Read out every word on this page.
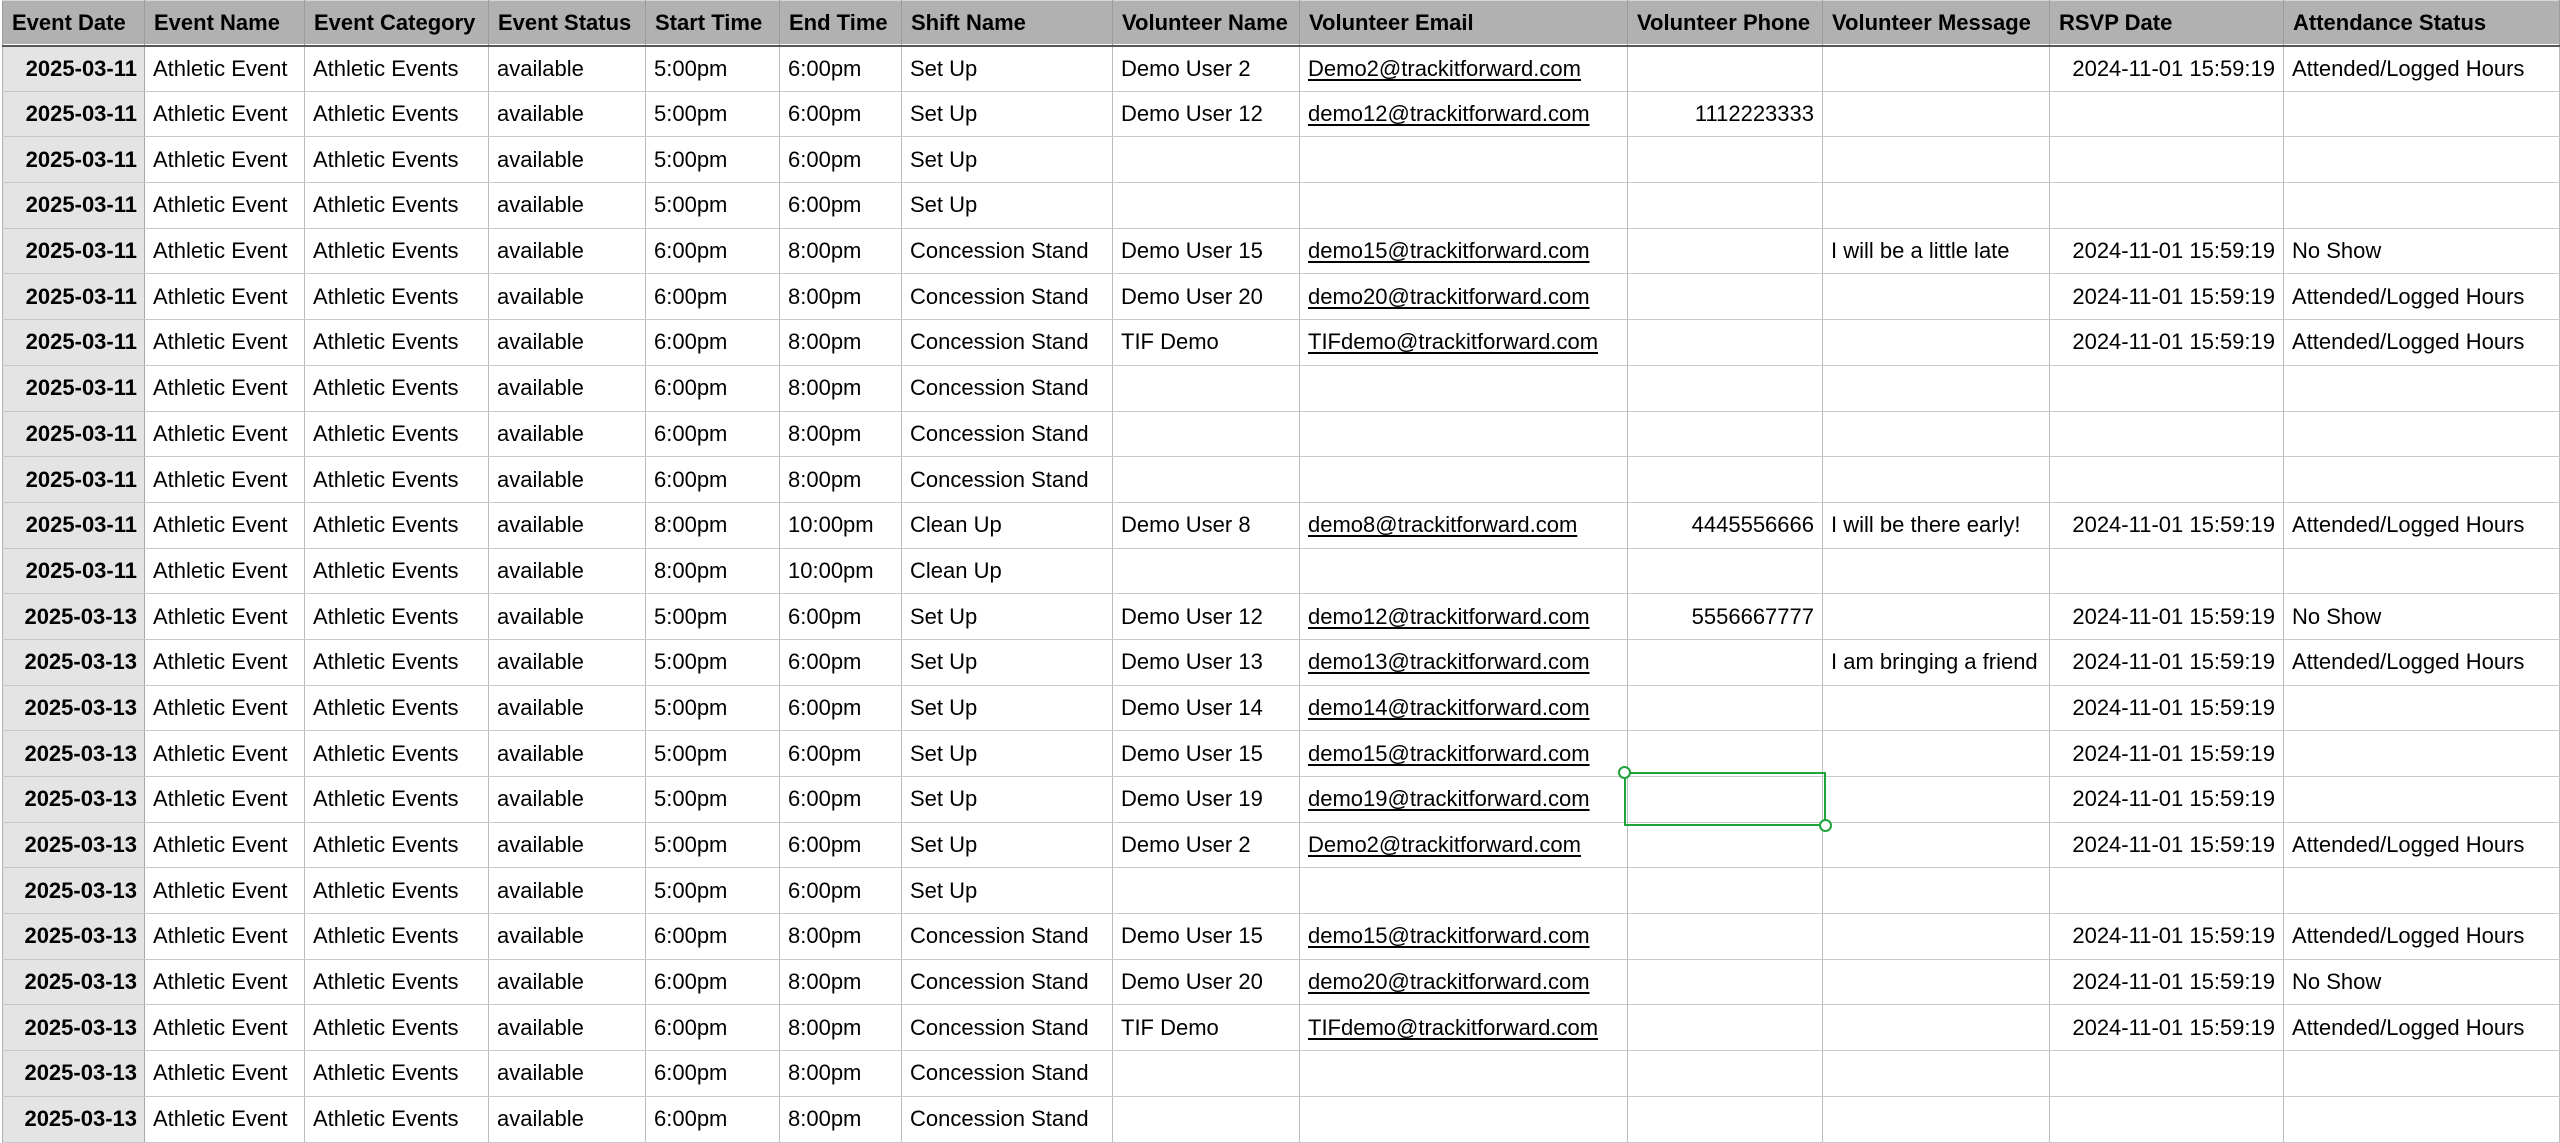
Event Date	Event Name	Event Category	Event Status	Start Time	End Time	Shift Name	Volunteer Name	Volunteer Email	Volunteer Phone	Volunteer Message	RSVP Date	Attendance Status
2025-03-11	Athletic Event	Athletic Events	available	5:00pm	6:00pm	Set Up	Demo User 2	Demo2@trackitforward.com			2024-11-01 15:59:19	Attended/Logged Hours
2025-03-11	Athletic Event	Athletic Events	available	5:00pm	6:00pm	Set Up	Demo User 12	demo12@trackitforward.com	1112223333			
2025-03-11	Athletic Event	Athletic Events	available	5:00pm	6:00pm	Set Up						
2025-03-11	Athletic Event	Athletic Events	available	5:00pm	6:00pm	Set Up						
2025-03-11	Athletic Event	Athletic Events	available	6:00pm	8:00pm	Concession Stand	Demo User 15	demo15@trackitforward.com		I will be a little late	2024-11-01 15:59:19	No Show
2025-03-11	Athletic Event	Athletic Events	available	6:00pm	8:00pm	Concession Stand	Demo User 20	demo20@trackitforward.com			2024-11-01 15:59:19	Attended/Logged Hours
2025-03-11	Athletic Event	Athletic Events	available	6:00pm	8:00pm	Concession Stand	TIF Demo	TIFdemo@trackitforward.com			2024-11-01 15:59:19	Attended/Logged Hours
2025-03-11	Athletic Event	Athletic Events	available	6:00pm	8:00pm	Concession Stand						
2025-03-11	Athletic Event	Athletic Events	available	6:00pm	8:00pm	Concession Stand						
2025-03-11	Athletic Event	Athletic Events	available	6:00pm	8:00pm	Concession Stand						
2025-03-11	Athletic Event	Athletic Events	available	8:00pm	10:00pm	Clean Up	Demo User 8	demo8@trackitforward.com	4445556666	I will be there early!	2024-11-01 15:59:19	Attended/Logged Hours
2025-03-11	Athletic Event	Athletic Events	available	8:00pm	10:00pm	Clean Up						
2025-03-13	Athletic Event	Athletic Events	available	5:00pm	6:00pm	Set Up	Demo User 12	demo12@trackitforward.com	5556667777		2024-11-01 15:59:19	No Show
2025-03-13	Athletic Event	Athletic Events	available	5:00pm	6:00pm	Set Up	Demo User 13	demo13@trackitforward.com		I am bringing a friend	2024-11-01 15:59:19	Attended/Logged Hours
2025-03-13	Athletic Event	Athletic Events	available	5:00pm	6:00pm	Set Up	Demo User 14	demo14@trackitforward.com			2024-11-01 15:59:19	
2025-03-13	Athletic Event	Athletic Events	available	5:00pm	6:00pm	Set Up	Demo User 15	demo15@trackitforward.com			2024-11-01 15:59:19	
2025-03-13	Athletic Event	Athletic Events	available	5:00pm	6:00pm	Set Up	Demo User 19	demo19@trackitforward.com			2024-11-01 15:59:19	
2025-03-13	Athletic Event	Athletic Events	available	5:00pm	6:00pm	Set Up	Demo User 2	Demo2@trackitforward.com			2024-11-01 15:59:19	Attended/Logged Hours
2025-03-13	Athletic Event	Athletic Events	available	5:00pm	6:00pm	Set Up						
2025-03-13	Athletic Event	Athletic Events	available	6:00pm	8:00pm	Concession Stand	Demo User 15	demo15@trackitforward.com			2024-11-01 15:59:19	Attended/Logged Hours
2025-03-13	Athletic Event	Athletic Events	available	6:00pm	8:00pm	Concession Stand	Demo User 20	demo20@trackitforward.com			2024-11-01 15:59:19	No Show
2025-03-13	Athletic Event	Athletic Events	available	6:00pm	8:00pm	Concession Stand	TIF Demo	TIFdemo@trackitforward.com			2024-11-01 15:59:19	Attended/Logged Hours
2025-03-13	Athletic Event	Athletic Events	available	6:00pm	8:00pm	Concession Stand						
2025-03-13	Athletic Event	Athletic Events	available	6:00pm	8:00pm	Concession Stand						
